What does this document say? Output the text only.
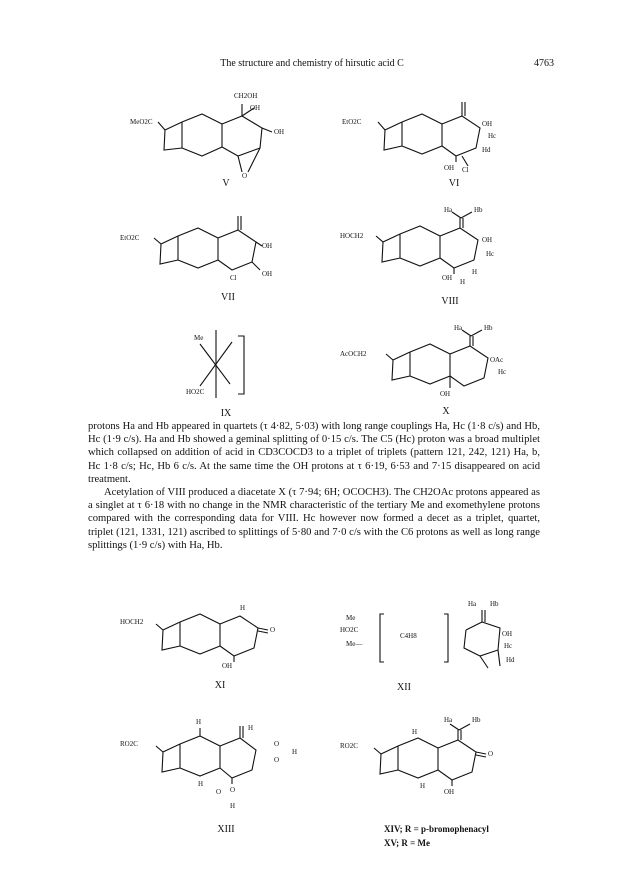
The structure and chemistry of hirsutic acid C	4763
CH2OH
OH
MeO2C
OH
O
V
EtO2C	OH
Hc
Hd
OH Cl
VI
EtO2C
OH
Cl	OH
VII
Ha	Hb
HOCH2	OH
Hc
OH
H
H
VIII
Me
HO2C
IX
Ha	Hb
AcOCH2
OAc
Hc
OH
X

protons Ha and Hb appeared in quartets (τ 4·82, 5·03) with long range couplings Ha, Hc (1·8 c/s) and Hb, Hc (1·9 c/s). Ha and Hb showed a geminal splitting of 0·15 c/s. The C5 (Hc) proton was a broad multiplet which collapsed on addition of acid in CD3COCD3 to a triplet of triplets (pattern 121, 242, 121) Ha, b, Hc 1·8 c/s; Hc, Hb 6 c/s. At the same time the OH protons at τ 6·19, 6·53 and 7·15 disappeared on acid treatment.

Acetylation of VIII produced a diacetate X (τ 7·94; 6H; OCOCH3). The CH2OAc protons appeared as a singlet at τ 6·18 with no change in the NMR characteristic of the tertiary Me and exomethylene protons compared with the corresponding data for VIII. Hc however now formed a decet as a triplet, quartet, triplet (121, 1331, 121) ascribed to splittings of 5·80 and 7·0 c/s with the C6 protons as well as long range splittings (1·9 c/s) with Ha, Hb.

HOCH2
H
O
OH
XI
Me
HO2C
Me—
C4H8
Ha Hb
OH
Hc
Hd
XII
H
H
RO2C	O
O
H
H
O O
H
XIII
Ha	Hb
H
RO2C
O
H
OH
XIV; R = p-bromophenacyl
XV; R = Me
